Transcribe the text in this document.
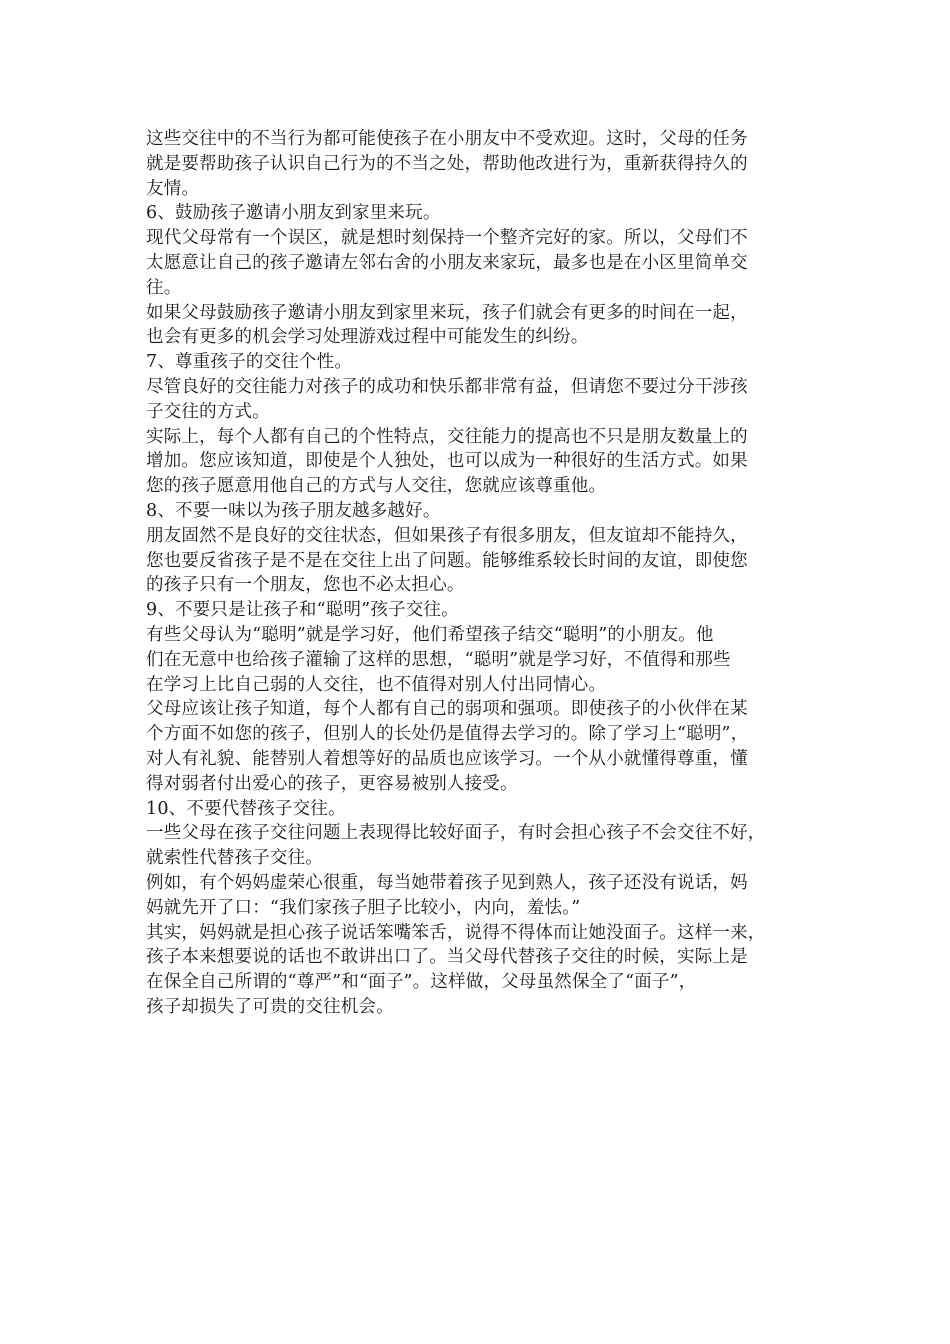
这些交往中的不当行为都可能使孩子在小朋友中不受欢迎。这时，父母的任务
就是要帮助孩子认识自己行为的不当之处，帮助他改进行为，重新获得持久的
友情。
6、鼓励孩子邀请小朋友到家里来玩。
现代父母常有一个误区，就是想时刻保持一个整齐完好的家。所以，父母们不
太愿意让自己的孩子邀请左邻右舍的小朋友来家玩，最多也是在小区里简单交
往。
如果父母鼓励孩子邀请小朋友到家里来玩，孩子们就会有更多的时间在一起，
也会有更多的机会学习处理游戏过程中可能发生的纠纷。
7、尊重孩子的交往个性。
尽管良好的交往能力对孩子的成功和快乐都非常有益，但请您不要过分干涉孩
子交往的方式。
实际上，每个人都有自己的个性特点，交往能力的提高也不只是朋友数量上的
增加。您应该知道，即使是个人独处，也可以成为一种很好的生活方式。如果
您的孩子愿意用他自己的方式与人交往，您就应该尊重他。
8、不要一味以为孩子朋友越多越好。
朋友固然不是良好的交往状态，但如果孩子有很多朋友，但友谊却不能持久，
您也要反省孩子是不是在交往上出了问题。能够维系较长时间的友谊，即使您
的孩子只有一个朋友，您也不必太担心。
9、不要只是让孩子和“聪明”孩子交往。
有些父母认为“聪明”就是学习好，他们希望孩子结交“聪明”的小朋友。他
们在无意中也给孩子灌输了这样的思想，“聪明”就是学习好，不值得和那些
在学习上比自己弱的人交往，也不值得对别人付出同情心。
父母应该让孩子知道，每个人都有自己的弱项和强项。即使孩子的小伙伴在某
个方面不如您的孩子，但别人的长处仍是值得去学习的。除了学习上“聪明”，
对人有礼貌、能替别人着想等好的品质也应该学习。一个从小就懂得尊重，懂
得对弱者付出爱心的孩子，更容易被别人接受。
10、不要代替孩子交往。
一些父母在孩子交往问题上表现得比较好面子，有时会担心孩子不会交往不好，
就索性代替孩子交往。
例如，有个妈妈虚荣心很重，每当她带着孩子见到熟人，孩子还没有说话，妈
妈就先开了口：“我们家孩子胆子比较小，内向，羞怯。”
其实，妈妈就是担心孩子说话笨嘴笨舌，说得不得体而让她没面子。这样一来，
孩子本来想要说的话也不敢讲出口了。当父母代替孩子交往的时候，实际上是
在保全自己所谓的“尊严”和“面子”。这样做，父母虽然保全了“面子”，
孩子却损失了可贵的交往机会。
